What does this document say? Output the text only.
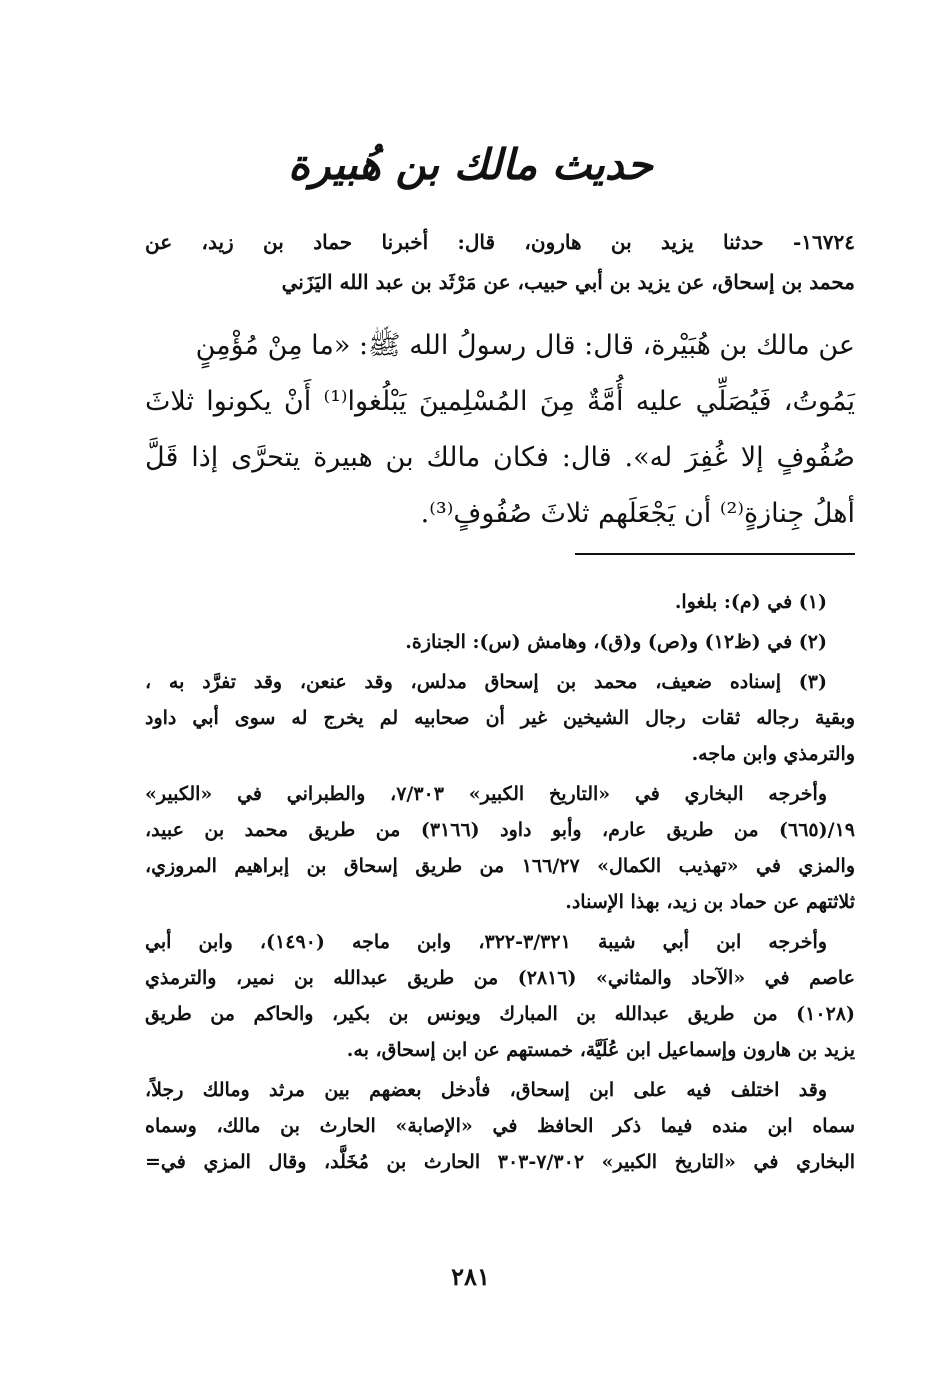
حديث مالك بن هُبيرة
١٦٧٢٤- حدثنا يزيد بن هارون، قال: أخبرنا حماد بن زيد، عن
محمد بن إسحاق، عن يزيد بن أبي حبيب، عن مَرْثَد بن عبد الله اليَزَني
عن مالك بن هُبَيْرة، قال: قال رسولُ الله ﷺ: «ما مِنْ مُؤْمِنٍ
يَمُوتُ، فَيُصَلِّي عليه أُمَّةٌ مِنَ المُسْلِمينَ يَبْلُغوا⁽¹⁾ أَنْ يكونوا ثلاثَ
صُفُوفٍ إلا غُفِرَ له». قال: فكان مالك بن هبيرة يتحرَّى إذا قَلَّ
أهلُ جِنازةٍ⁽²⁾ أن يَجْعَلَهم ثلاثَ صُفُوفٍ⁽³⁾.

(١) في (م): بلغوا.

(٢) في (ظ١٢) و(ص) و(ق)، وهامش (س): الجنازة.

(٣) إسناده ضعيف، محمد بن إسحاق مدلس، وقد عنعن، وقد تفرَّد به ،
وبقية رجاله ثقات رجال الشيخين غير أن صحابيه لم يخرج له سوى أبي داود
والترمذي وابن ماجه.

وأخرجه البخاري في «التاريخ الكبير» ٧/٣٠٣، والطبراني في «الكبير»
١٩/(٦٦٥) من طريق عارم، وأبو داود (٣١٦٦) من طريق محمد بن عبيد،
والمزي في «تهذيب الكمال» ١٦٦/٢٧ من طريق إسحاق بن إبراهيم المروزي،
ثلاثتهم عن حماد بن زيد، بهذا الإسناد.

وأخرجه ابن أبي شيبة ٣/٣٢١-٣٢٢، وابن ماجه (١٤٩٠)، وابن أبي
عاصم في «الآحاد والمثاني» (٢٨١٦) من طريق عبدالله بن نمير، والترمذي
(١٠٢٨) من طريق عبدالله بن المبارك ويونس بن بكير، والحاكم من طريق
يزيد بن هارون وإسماعيل ابن عُلَيَّة، خمستهم عن ابن إسحاق، به.

وقد اختلف فيه على ابن إسحاق، فأدخل بعضهم بين مرثد ومالك رجلاً،
سماه ابن منده فيما ذكر الحافظ في «الإصابة» الحارث بن مالك، وسماه
البخاري في «التاريخ الكبير» ٧/٣٠٢-٣٠٣ الحارث بن مُخَلَّد، وقال المزي في=

٢٨١
